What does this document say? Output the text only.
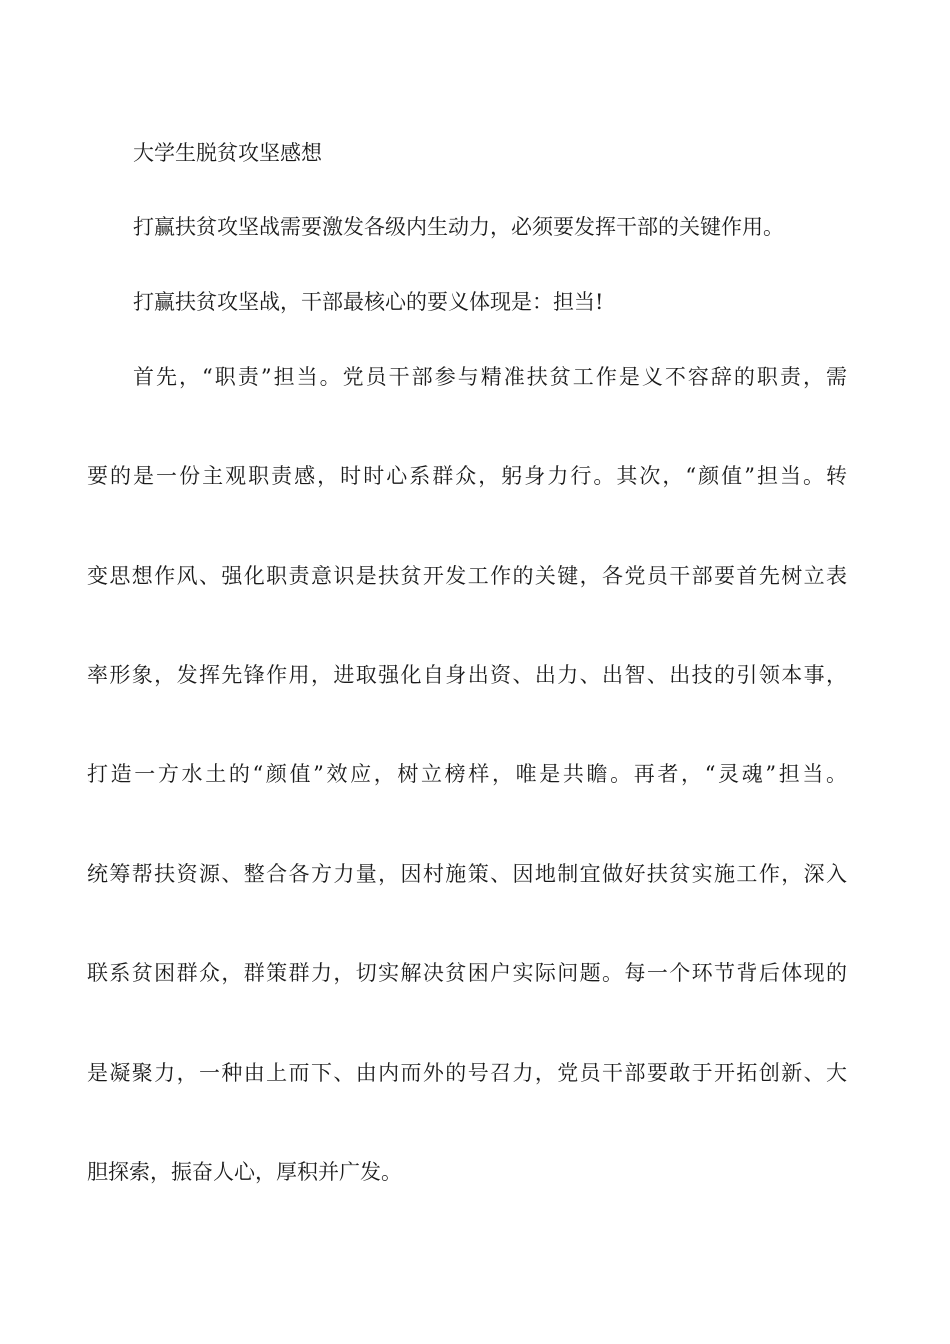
大学生脱贫攻坚感想
打赢扶贫攻坚战需要激发各级内生动力，必须要发挥干部的关键作用。
打赢扶贫攻坚战，干部最核心的要义体现是：担当!
首先，“职责”担当。党员干部参与精准扶贫工作是义不容辞的职责，需
要的是一份主观职责感，时时心系群众，躬身力行。其次，“颜值”担当。转
变思想作风、强化职责意识是扶贫开发工作的关键，各党员干部要首先树立表
率形象，发挥先锋作用，进取强化自身出资、出力、出智、出技的引领本事，
打造一方水土的“颜值”效应，树立榜样，唯是共瞻。再者，“灵魂”担当。
统筹帮扶资源、整合各方力量，因村施策、因地制宜做好扶贫实施工作，深入
联系贫困群众，群策群力，切实解决贫困户实际问题。每一个环节背后体现的
是凝聚力，一种由上而下、由内而外的号召力，党员干部要敢于开拓创新、大
胆探索，振奋人心，厚积并广发。
